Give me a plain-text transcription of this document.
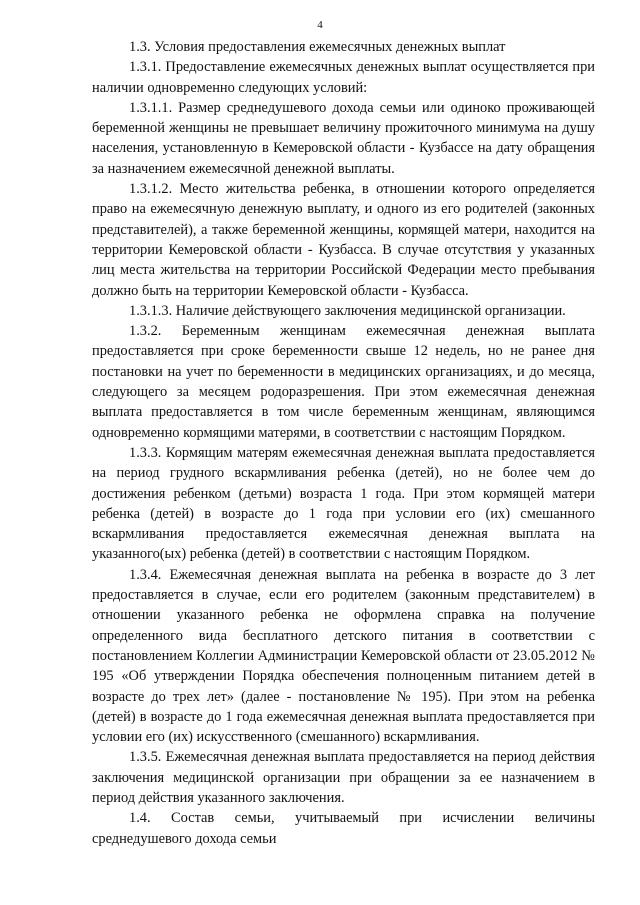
4

1.3. Условия предоставления ежемесячных денежных выплат

1.3.1. Предоставление ежемесячных денежных выплат осуществляется при наличии одновременно следующих условий:

1.3.1.1. Размер среднедушевого дохода семьи или одиноко проживающей беременной женщины не превышает величину прожиточного минимума на душу населения, установленную в Кемеровской области - Кузбассе на дату обращения за назначением ежемесячной денежной выплаты.

1.3.1.2. Место жительства ребенка, в отношении которого определяется право на ежемесячную денежную выплату, и одного из его родителей (законных представителей), а также беременной женщины, кормящей матери, находится на территории Кемеровской области - Кузбасса. В случае отсутствия у указанных лиц места жительства на территории Российской Федерации место пребывания должно быть на территории Кемеровской области - Кузбасса.

1.3.1.3. Наличие действующего заключения медицинской организации.

1.3.2. Беременным женщинам ежемесячная денежная выплата предоставляется при сроке беременности свыше 12 недель, но не ранее дня постановки на учет по беременности в медицинских организациях, и до месяца, следующего за месяцем родоразрешения. При этом ежемесячная денежная выплата предоставляется в том числе беременным женщинам, являющимся одновременно кормящими матерями, в соответствии с настоящим Порядком.

1.3.3. Кормящим матерям ежемесячная денежная выплата предоставляется на период грудного вскармливания ребенка (детей), но не более чем до достижения ребенком (детьми) возраста 1 года. При этом кормящей матери ребенка (детей) в возрасте до 1 года при условии его (их) смешанного вскармливания предоставляется ежемесячная денежная выплата на указанного(ых) ребенка (детей) в соответствии с настоящим Порядком.

1.3.4. Ежемесячная денежная выплата на ребенка в возрасте до 3 лет предоставляется в случае, если его родителем (законным представителем) в отношении указанного ребенка не оформлена справка на получение определенного вида бесплатного детского питания в соответствии с постановлением Коллегии Администрации Кемеровской области от 23.05.2012 № 195 «Об утверждении Порядка обеспечения полноценным питанием детей в возрасте до трех лет» (далее - постановление № 195). При этом на ребенка (детей) в возрасте до 1 года ежемесячная денежная выплата предоставляется при условии его (их) искусственного (смешанного) вскармливания.

1.3.5. Ежемесячная денежная выплата предоставляется на период действия заключения медицинской организации при обращении за ее назначением в период действия указанного заключения.

1.4. Состав семьи, учитываемый при исчислении величины среднедушевого дохода семьи
